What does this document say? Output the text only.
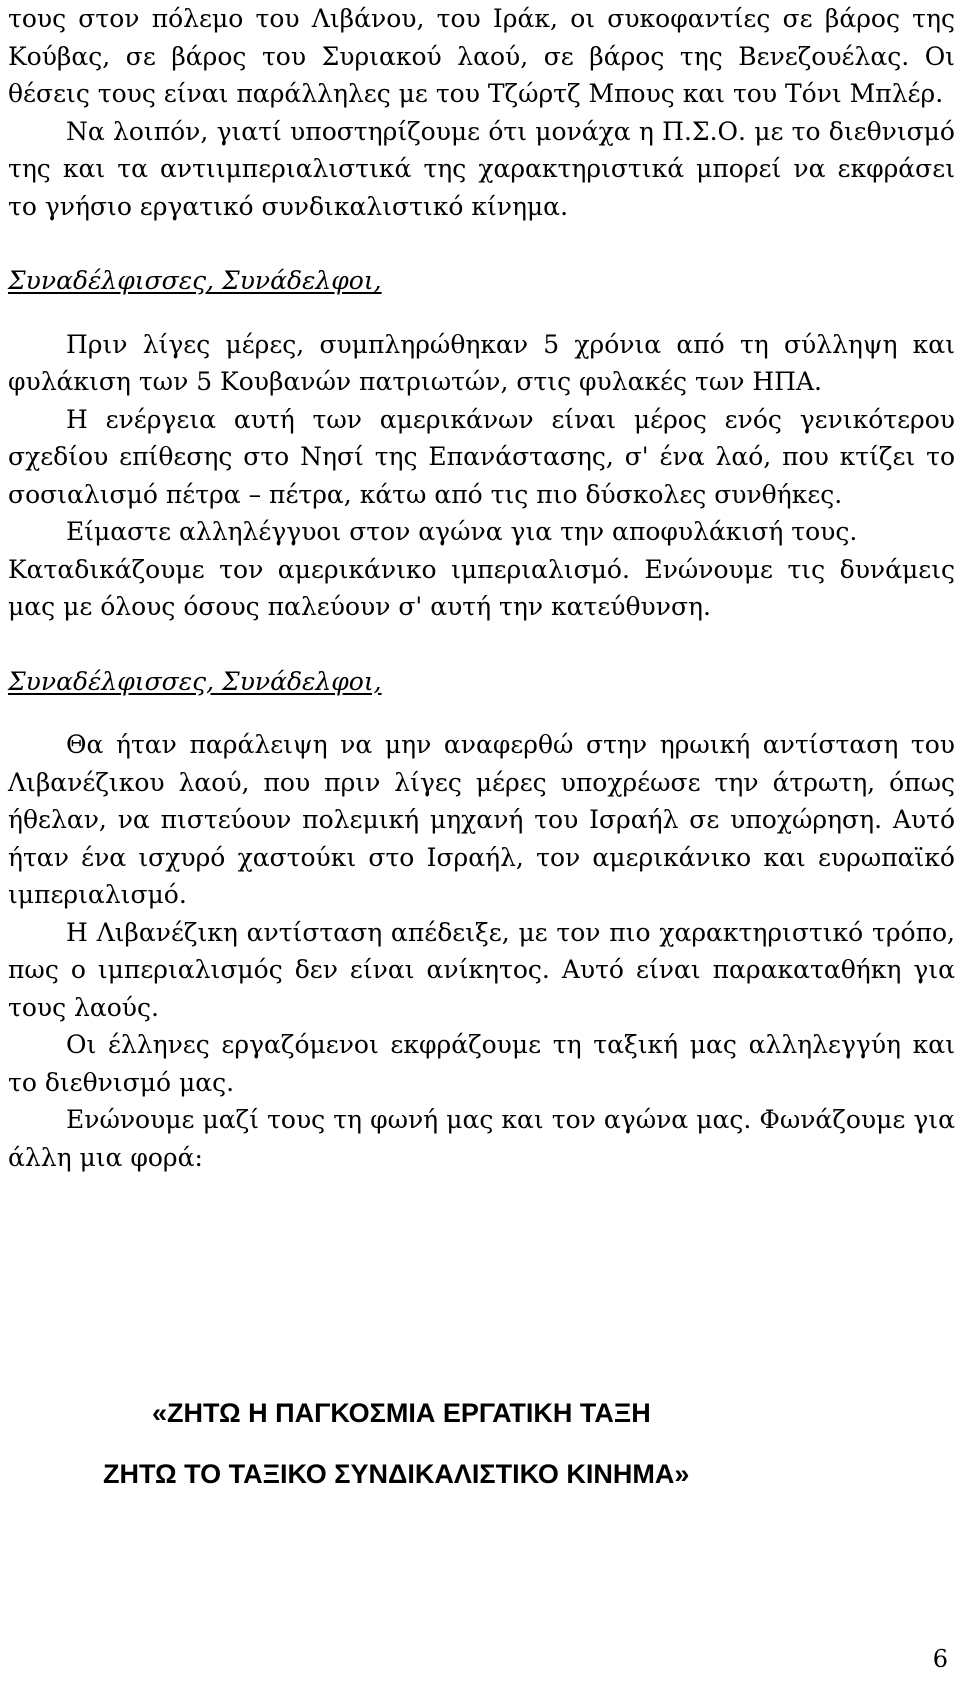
τους στον πόλεμο του Λιβάνου, του Ιράκ, οι συκοφαντίες σε βάρος της Κούβας, σε βάρος του Συριακού λαού, σε βάρος της Βενεζουέλας. Οι θέσεις τους είναι παράλληλες με του Τζώρτζ Μπους και του Τόνι Μπλέρ.

Να λοιπόν, γιατί υποστηρίζουμε ότι μονάχα η Π.Σ.Ο. με το διεθνισμό της και τα αντιιμπεριαλιστικά της χαρακτηριστικά μπορεί να εκφράσει το γνήσιο εργατικό συνδικαλιστικό κίνημα.

Συναδέλφισσες, Συνάδελφοι,

Πριν λίγες μέρες, συμπληρώθηκαν 5 χρόνια από τη σύλληψη και φυλάκιση των 5 Κουβανών πατριωτών, στις φυλακές των ΗΠΑ.

Η ενέργεια αυτή των αμερικάνων είναι μέρος ενός γενικότερου σχεδίου επίθεσης στο Νησί της Επανάστασης, σ' ένα λαό, που κτίζει το σοσιαλισμό πέτρα – πέτρα, κάτω από τις πιο δύσκολες συνθήκες.

Είμαστε αλληλέγγυοι στον αγώνα για την αποφυλάκισή τους.

Καταδικάζουμε τον αμερικάνικο ιμπεριαλισμό. Ενώνουμε τις δυνάμεις μας με όλους όσους παλεύουν σ' αυτή την κατεύθυνση.

Συναδέλφισσες, Συνάδελφοι,

Θα ήταν παράλειψη να μην αναφερθώ στην ηρωική αντίσταση του Λιβανέζικου λαού, που πριν λίγες μέρες υποχρέωσε την άτρωτη, όπως ήθελαν, να πιστεύουν πολεμική μηχανή του Ισραήλ σε υποχώρηση. Αυτό ήταν ένα ισχυρό χαστούκι στο Ισραήλ, τον αμερικάνικο και ευρωπαϊκό ιμπεριαλισμό.

Η Λιβανέζικη αντίσταση απέδειξε, με τον πιο χαρακτηριστικό τρόπο, πως ο ιμπεριαλισμός δεν είναι ανίκητος. Αυτό είναι παρακαταθήκη για τους λαούς.

Οι έλληνες εργαζόμενοι εκφράζουμε τη ταξική μας αλληλεγγύη και το διεθνισμό μας.

Ενώνουμε μαζί τους τη φωνή μας και τον αγώνα μας. Φωνάζουμε για άλλη μια φορά:

«ΖΗΤΩ Η ΠΑΓΚΟΣΜΙΑ ΕΡΓΑΤΙΚΗ ΤΑΞΗ
ΖΗΤΩ ΤΟ ΤΑΞΙΚΟ ΣΥΝΔΙΚΑΛΙΣΤΙΚΟ ΚΙΝΗΜΑ»
6
